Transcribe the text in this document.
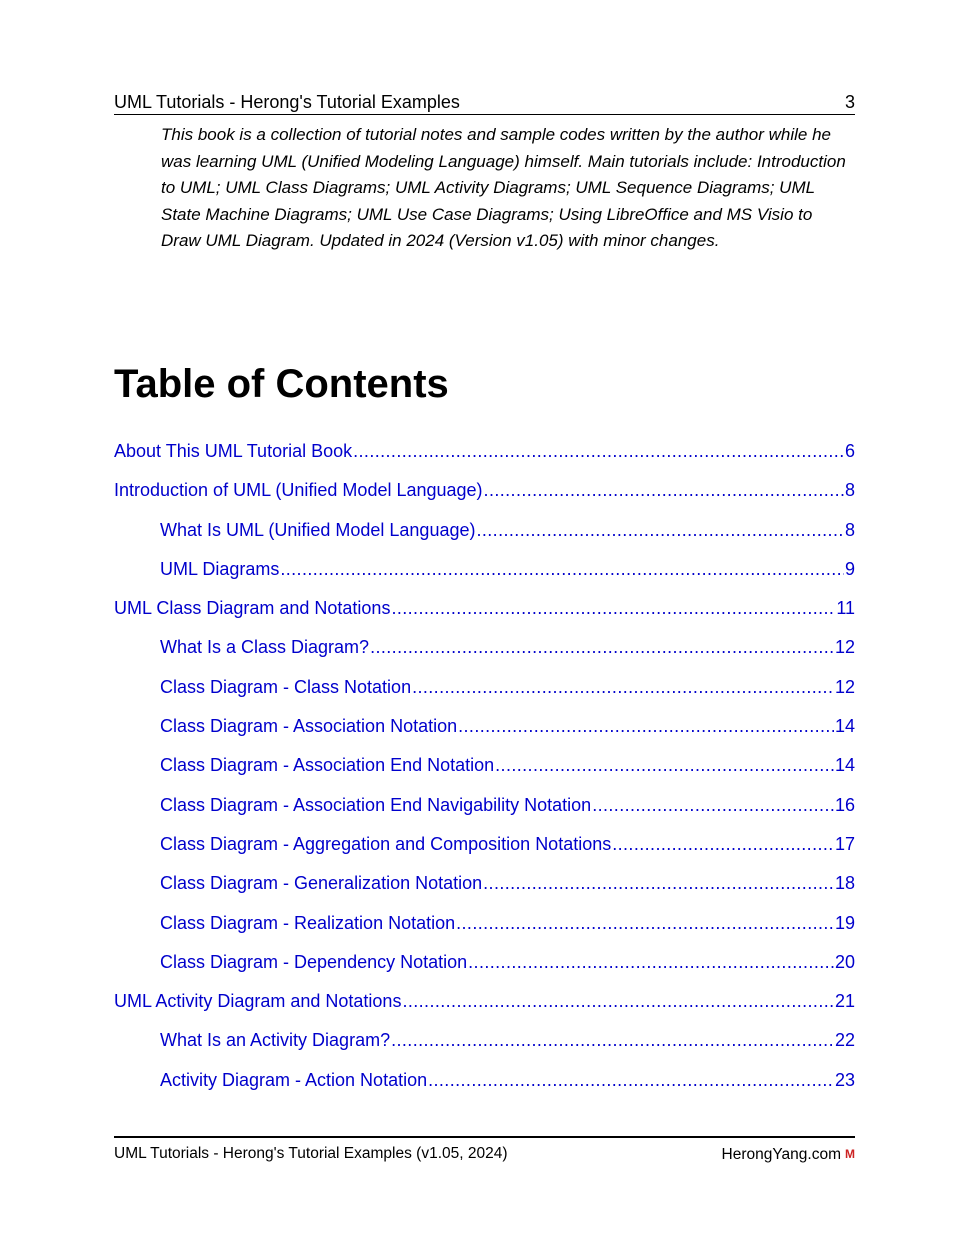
UML Tutorials - Herong's Tutorial Examples	3
This book is a collection of tutorial notes and sample codes written by the author while he
was learning UML (Unified Modeling Language) himself. Main tutorials include: Introduction
to UML; UML Class Diagrams; UML Activity Diagrams; UML Sequence Diagrams; UML
State Machine Diagrams; UML Use Case Diagrams; Using LibreOffice and MS Visio to
Draw UML Diagram. Updated in 2024 (Version v1.05) with minor changes.
Table of Contents
About This UML Tutorial Book .....	6
Introduction of UML (Unified Model Language) .....	8
What Is UML (Unified Model Language) .....	8
UML Diagrams .....	9
UML Class Diagram and Notations .....	11
What Is a Class Diagram? .....	12
Class Diagram - Class Notation .....	12
Class Diagram - Association Notation .....	14
Class Diagram - Association End Notation .....	14
Class Diagram - Association End Navigability Notation .....	16
Class Diagram - Aggregation and Composition Notations .....	17
Class Diagram - Generalization Notation .....	18
Class Diagram - Realization Notation .....	19
Class Diagram - Dependency Notation .....	20
UML Activity Diagram and Notations .....	21
What Is an Activity Diagram? .....	22
Activity Diagram - Action Notation .....	23
UML Tutorials - Herong's Tutorial Examples (v1.05, 2024)	HerongYang.com M
